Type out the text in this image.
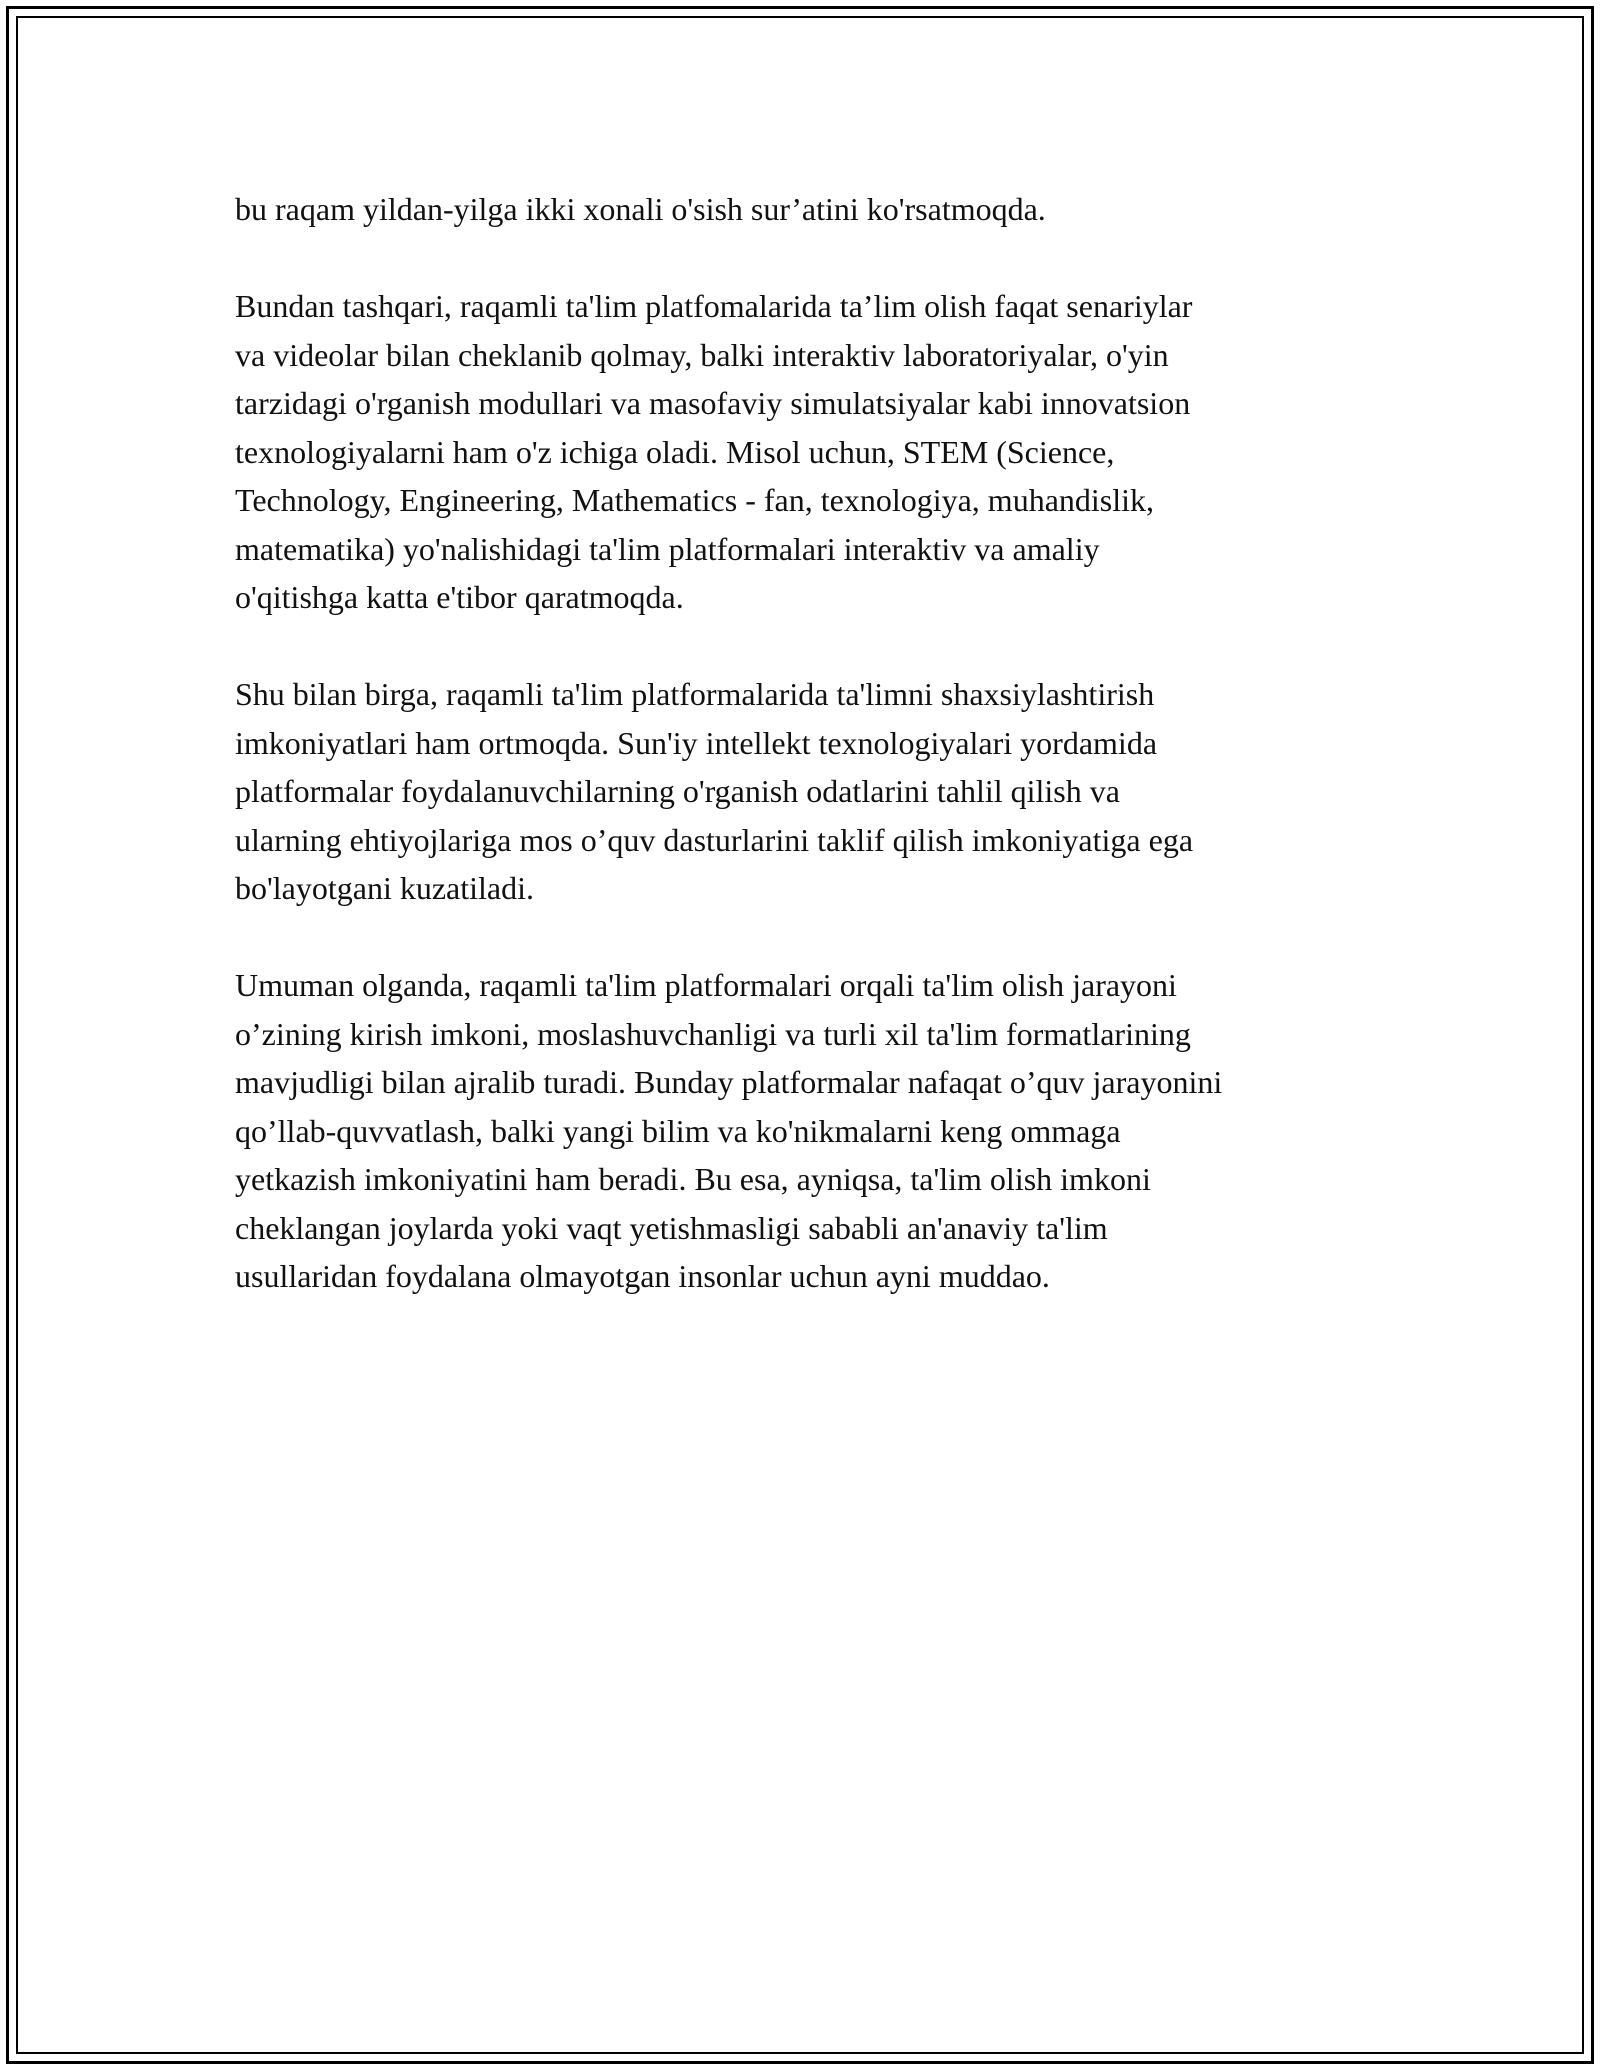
bu raqam yildan-yilga ikki xonali o'sish sur’atini ko'rsatmoqda.

Bundan tashqari, raqamli ta'lim platfomalarida ta’lim olish faqat senariylar
va videolar bilan cheklanib qolmay, balki interaktiv laboratoriyalar, o'yin
tarzidagi o'rganish modullari va masofaviy simulatsiyalar kabi innovatsion
texnologiyalarni ham o'z ichiga oladi. Misol uchun, STEM (Science,
Technology, Engineering, Mathematics - fan, texnologiya, muhandislik,
matematika) yo'nalishidagi ta'lim platformalari interaktiv va amaliy
o'qitishga katta e'tibor qaratmoqda.

Shu bilan birga, raqamli ta'lim platformalarida ta'limni shaxsiylashtirish
imkoniyatlari ham ortmoqda. Sun'iy intellekt texnologiyalari yordamida
platformalar foydalanuvchilarning o'rganish odatlarini tahlil qilish va
ularning ehtiyojlariga mos o’quv dasturlarini taklif qilish imkoniyatiga ega
bo'layotgani kuzatiladi.

Umuman olganda, raqamli ta'lim platformalari orqali ta'lim olish jarayoni
o’zining kirish imkoni, moslashuvchanligi va turli xil ta'lim formatlarining
mavjudligi bilan ajralib turadi. Bunday platformalar nafaqat o’quv jarayonini
qo’llab-quvvatlash, balki yangi bilim va ko'nikmalarni keng ommaga
yetkazish imkoniyatini ham beradi. Bu esa, ayniqsa, ta'lim olish imkoni
cheklangan joylarda yoki vaqt yetishmasligi sababli an'anaviy ta'lim
usullaridan foydalana olmayotgan insonlar uchun ayni muddao.
